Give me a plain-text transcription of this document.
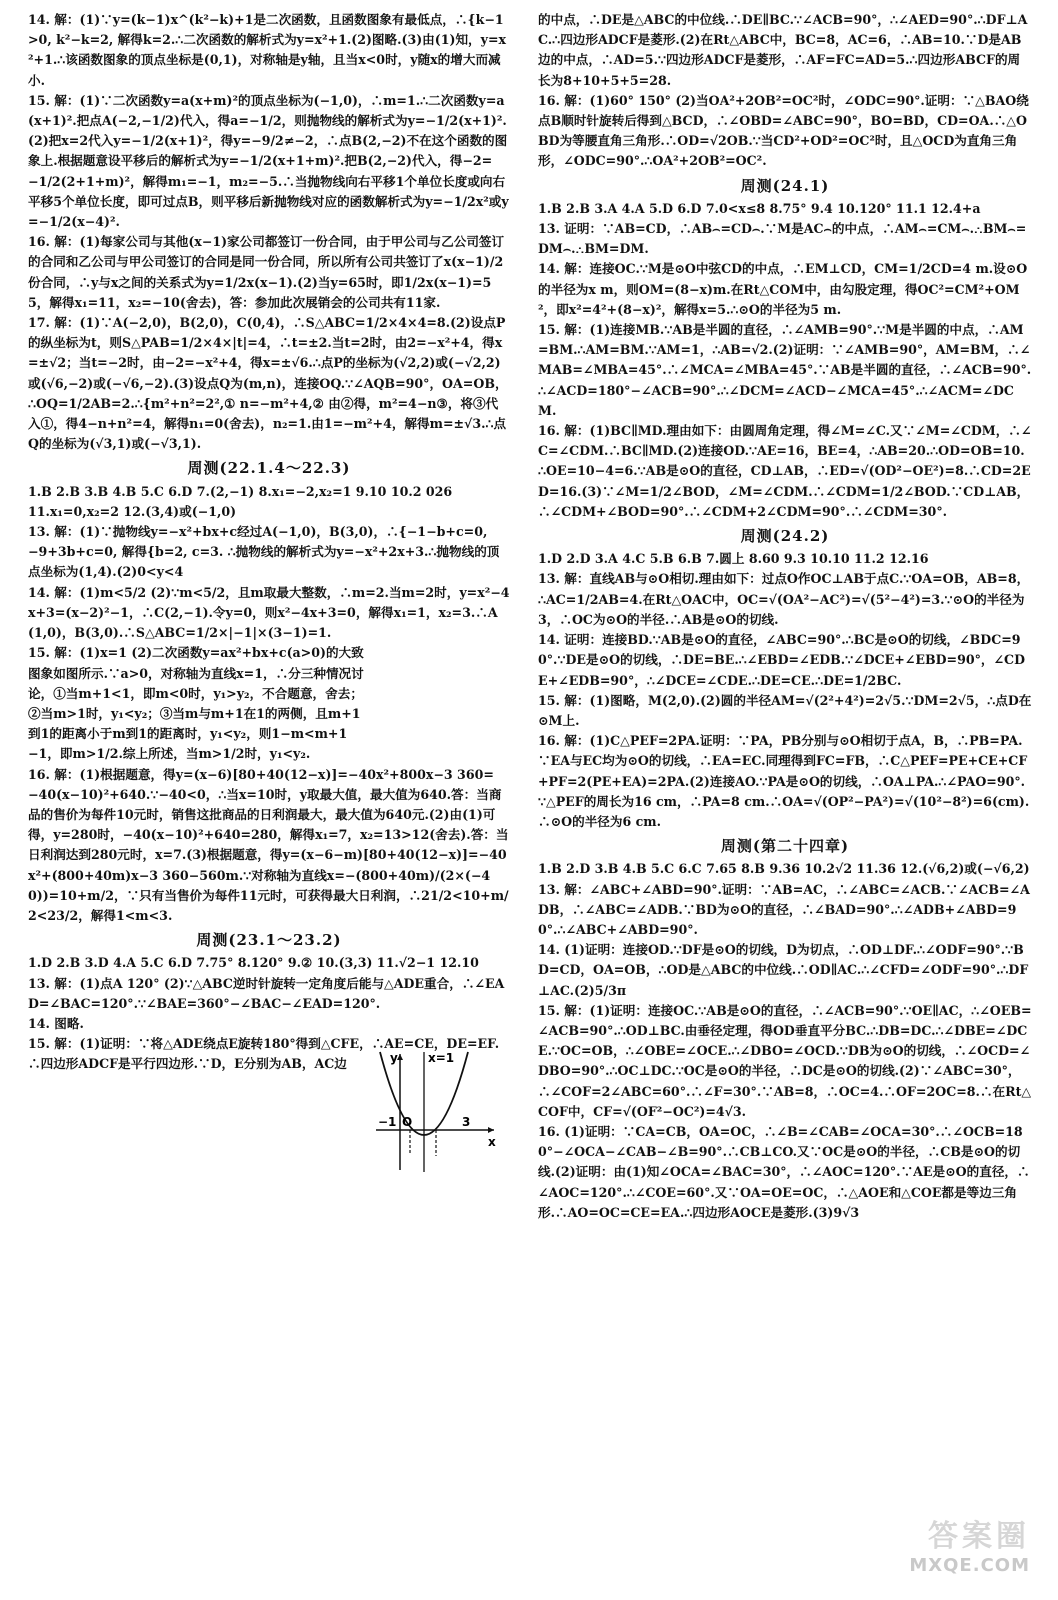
14. 解：(1)∵y=(k−1)x^(k²−k)+1是二次函数，且函数图象有最低点，∴{k−1>0, k²−k=2, 解得k=2.∴二次函数的解析式为y=x²+1.(2)图略.(3)由(1)知，y=x²+1.∴该函数图象的顶点坐标是(0,1)，对称轴是y轴，且当x<0时，y随x的增大而减小.

15. 解：(1)∵二次函数y=a(x+m)²的顶点坐标为(−1,0)，∴m=1.∴二次函数y=a(x+1)².把点A(−2,−1/2)代入，得a=−1/2，则抛物线的解析式为y=−1/2(x+1)².(2)把x=2代入y=−1/2(x+1)²，得y=−9/2≠−2，∴点B(2,−2)不在这个函数的图象上.根据题意设平移后的解析式为y=−1/2(x+1+m)².把B(2,−2)代入，得−2=−1/2(2+1+m)²，解得m₁=−1，m₂=−5.∴当抛物线向右平移1个单位长度或向右平移5个单位长度，即可过点B，则平移后新抛物线对应的函数解析式为y=−1/2x²或y=−1/2(x−4)².

16. 解：(1)每家公司与其他(x−1)家公司都签订一份合同，由于甲公司与乙公司签订的合同和乙公司与甲公司签订的合同是同一份合同，所以所有公司共签订了x(x−1)/2份合同，∴y与x之间的关系式为y=1/2x(x−1).(2)当y=65时，即1/2x(x−1)=55，解得x₁=11，x₂=−10(舍去)，答：参加此次展销会的公司共有11家.

17. 解：(1)∵A(−2,0)，B(2,0)，C(0,4)，∴S△ABC=1/2×4×4=8.(2)设点P的纵坐标为t，则S△PAB=1/2×4×|t|=4，∴t=±2.当t=2时，由2=−x²+4，得x=±√2；当t=−2时，由−2=−x²+4，得x=±√6.∴点P的坐标为(√2,2)或(−√2,2)或(√6,−2)或(−√6,−2).(3)设点Q为(m,n)，连接OQ.∵∠AQB=90°，OA=OB，∴OQ=1/2AB=2.∴{m²+n²=2²,① n=−m²+4,② 由②得，m²=4−n③，将③代入①，得4−n+n²=4，解得n₁=0(舍去)，n₂=1.由1=−m²+4，解得m=±√3.∴点Q的坐标为(√3,1)或(−√3,1).

周测(22.1.4～22.3)

1.B 2.B 3.B 4.B 5.C 6.D 7.(2,−1) 8.x₁=−2,x₂=1 9.10 10.2 026 11.x₁=0,x₂=2 12.(3,4)或(−1,0)

13. 解：(1)∵抛物线y=−x²+bx+c经过A(−1,0)，B(3,0)，∴{−1−b+c=0, −9+3b+c=0, 解得{b=2, c=3. ∴抛物线的解析式为y=−x²+2x+3.∴抛物线的顶点坐标为(1,4).(2)0<y<4

14. 解：(1)m<5/2 (2)∵m<5/2，且m取最大整数，∴m=2.当m=2时，y=x²−4x+3=(x−2)²−1，∴C(2,−1).令y=0，则x²−4x+3=0，解得x₁=1，x₂=3.∴A(1,0)，B(3,0).∴S△ABC=1/2×|−1|×(3−1)=1.

15. 解：(1)x=1 (2)二次函数y=ax²+bx+c(a>0)的大致图象如图所示.∵a>0，对称轴为直线x=1，∴分三种情况讨论，①当m+1<1，即m<0时，y₁>y₂，不合题意，舍去；②当m>1时，y₁<y₂；③当m与m+1在1的两侧，且m+1到1的距离小于m到1的距离时，y₁<y₂，则1−m<m+1−1，即m>1/2.综上所述，当m>1/2时，y₁<y₂.

16. 解：(1)根据题意，得y=(x−6)[80+40(12−x)]=−40x²+800x−3 360=−40(x−10)²+640.∵−40<0，∴当x=10时，y取最大值，最大值为640.答：当商品的售价为每件10元时，销售这批商品的日利润最大，最大值为640元.(2)由(1)可得，y=280时，−40(x−10)²+640=280，解得x₁=7，x₂=13>12(舍去).答：当日利润达到280元时，x=7.(3)根据题意，得y=(x−6−m)[80+40(12−x)]=−40x²+(800+40m)x−3 360−560m.∵对称轴为直线x=−(800+40m)/(2×(−40))=10+m/2，∵只有当售价为每件11元时，可获得最大日利润，∴21/2<10+m/2<23/2，解得1<m<3.

周测(23.1～23.2)

1.D 2.B 3.D 4.A 5.C 6.D 7.75° 8.120° 9.② 10.(3,3) 11.√2−1 12.10

13. 解：(1)点A 120° (2)∵△ABC逆时针旋转一定角度后能与△ADE重合，∴∠EAD=∠BAC=120°.∵∠BAE=360°−∠BAC−∠EAD=120°.

14. 图略.

15. 解：(1)证明：∵将△ADE绕点E旋转180°得到△CFE，∴AE=CE，DE=EF.∴四边形ADCF是平行四边形.∵D，E分别为AB，AC边	y
x
x=1
−1 O	3

的中点，∴DE是△ABC的中位线.∴DE∥BC.∵∠ACB=90°，∴∠AED=90°.∴DF⊥AC.∴四边形ADCF是菱形.(2)在Rt△ABC中，BC=8，AC=6，∴AB=10.∵D是AB边的中点，∴AD=5.∵四边形ADCF是菱形，∴AF=FC=AD=5.∴四边形ABCF的周长为8+10+5+5=28.

16. 解：(1)60° 150° (2)当OA²+2OB²=OC²时，∠ODC=90°.证明：∵△BAO绕点B顺时针旋转后得到△BCD，∴∠OBD=∠ABC=90°，BO=BD，CD=OA.∴△OBD为等腰直角三角形.∴OD=√2OB.∵当CD²+OD²=OC²时，且△OCD为直角三角形，∠ODC=90°.∴OA²+2OB²=OC².

周测(24.1)

1.B 2.B 3.A 4.A 5.D 6.D 7.0<x≤8 8.75° 9.4 10.120° 11.1 12.4+a

13. 证明：∵AB=CD，∴AB⌢=CD⌢.∵M是AC⌢的中点，∴AM⌢=CM⌢.∴BM⌢=DM⌢.∴BM=DM.

14. 解：连接OC.∵M是⊙O中弦CD的中点，∴EM⊥CD，CM=1/2CD=4 m.设⊙O的半径为x m，则OM=(8−x)m.在Rt△COM中，由勾股定理，得OC²=CM²+OM²，即x²=4²+(8−x)²，解得x=5.∴⊙O的半径为5 m.

15. 解：(1)连接MB.∵AB是半圆的直径，∴∠AMB=90°.∵M是半圆的中点，∴AM=BM.∴AM=BM.∵AM=1，∴AB=√2.(2)证明：∵∠AMB=90°，AM=BM，∴∠MAB=∠MBA=45°.∴∠MCA=∠MBA=45°.∵AB是半圆的直径，∴∠ACB=90°.∴∠ACD=180°−∠ACB=90°.∴∠DCM=∠ACD−∠MCA=45°.∴∠ACM=∠DCM.

16. 解：(1)BC∥MD.理由如下：由圆周角定理，得∠M=∠C.又∵∠M=∠CDM，∴∠C=∠CDM.∴BC∥MD.(2)连接OD.∵AE=16，BE=4，∴AB=20.∴OD=OB=10.∴OE=10−4=6.∵AB是⊙O的直径，CD⊥AB，∴ED=√(OD²−OE²)=8.∴CD=2ED=16.(3)∵∠M=1/2∠BOD，∠M=∠CDM.∴∠CDM=1/2∠BOD.∵CD⊥AB，∴∠CDM+∠BOD=90°.∴∠CDM+2∠CDM=90°.∴∠CDM=30°.

周测(24.2)

1.D 2.D 3.A 4.C 5.B 6.B 7.圆上 8.60 9.3 10.10 11.2 12.16

13. 解：直线AB与⊙O相切.理由如下：过点O作OC⊥AB于点C.∵OA=OB，AB=8，∴AC=1/2AB=4.在Rt△OAC中，OC=√(OA²−AC²)=√(5²−4²)=3.∵⊙O的半径为3，∴OC为⊙O的半径.∴AB是⊙O的切线.

14. 证明：连接BD.∵AB是⊙O的直径，∠ABC=90°.∴BC是⊙O的切线，∠BDC=90°.∵DE是⊙O的切线，∴DE=BE.∴∠EBD=∠EDB.∵∠DCE+∠EBD=90°，∠CDE+∠EDB=90°，∴∠DCE=∠CDE.∴DE=CE.∴DE=1/2BC.

15. 解：(1)图略，M(2,0).(2)圆的半径AM=√(2²+4²)=2√5.∵DM=2√5，∴点D在⊙M上.

16. 解：(1)C△PEF=2PA.证明：∵PA，PB分别与⊙O相切于点A，B，∴PB=PA.∵EA与EC均为⊙O的切线，∴EA=EC.同理得到FC=FB，∴C△PEF=PE+CE+CF+PF=2(PE+EA)=2PA.(2)连接AO.∵PA是⊙O的切线，∴OA⊥PA.∴∠PAO=90°.∵△PEF的周长为16 cm，∴PA=8 cm.∴OA=√(OP²−PA²)=√(10²−8²)=6(cm).∴⊙O的半径为6 cm.

周测(第二十四章)

1.B 2.D 3.B 4.B 5.C 6.C 7.65 8.B 9.36 10.2√2 11.36 12.(√6,2)或(−√6,2)

13. 解：∠ABC+∠ABD=90°.证明：∵AB=AC，∴∠ABC=∠ACB.∵∠ACB=∠ADB，∴∠ABC=∠ADB.∵BD为⊙O的直径，∴∠BAD=90°.∴∠ADB+∠ABD=90°.∴∠ABC+∠ABD=90°.

14. (1)证明：连接OD.∵DF是⊙O的切线，D为切点，∴OD⊥DF.∴∠ODF=90°.∵BD=CD，OA=OB，∴OD是△ABC的中位线.∴OD∥AC.∴∠CFD=∠ODF=90°.∴DF⊥AC.(2)5/3π

15. 解：(1)证明：连接OC.∵AB是⊙O的直径，∴∠ACB=90°.∵OE∥AC，∴∠OEB=∠ACB=90°.∴OD⊥BC.由垂径定理，得OD垂直平分BC.∴DB=DC.∴∠DBE=∠DCE.∵OC=OB，∴∠OBE=∠OCE.∴∠DBO=∠OCD.∵DB为⊙O的切线，∴∠OCD=∠DBO=90°.∴OC⊥DC.∵OC是⊙O的半径，∴DC是⊙O的切线.(2)∵∠ABC=30°，∴∠COF=2∠ABC=60°.∴∠F=30°.∵AB=8，∴OC=4.∴OF=2OC=8.∴在Rt△COF中，CF=√(OF²−OC²)=4√3.

16. (1)证明：∵CA=CB，OA=OC，∴∠B=∠CAB=∠OCA=30°.∴∠OCB=180°−∠OCA−∠CAB−∠B=90°.∴CB⊥CO.又∵OC是⊙O的半径，∴CB是⊙O的切线.(2)证明：由(1)知∠OCA=∠BAC=30°，∴∠AOC=120°.∵AE是⊙O的直径，∴∠AOC=120°.∴∠COE=60°.又∵OA=OE=OC，∴△AOE和△COE都是等边三角形.∴AO=OC=CE=EA.∴四边形AOCE是菱形.(3)9√3

答案圈
MXQE.COM
